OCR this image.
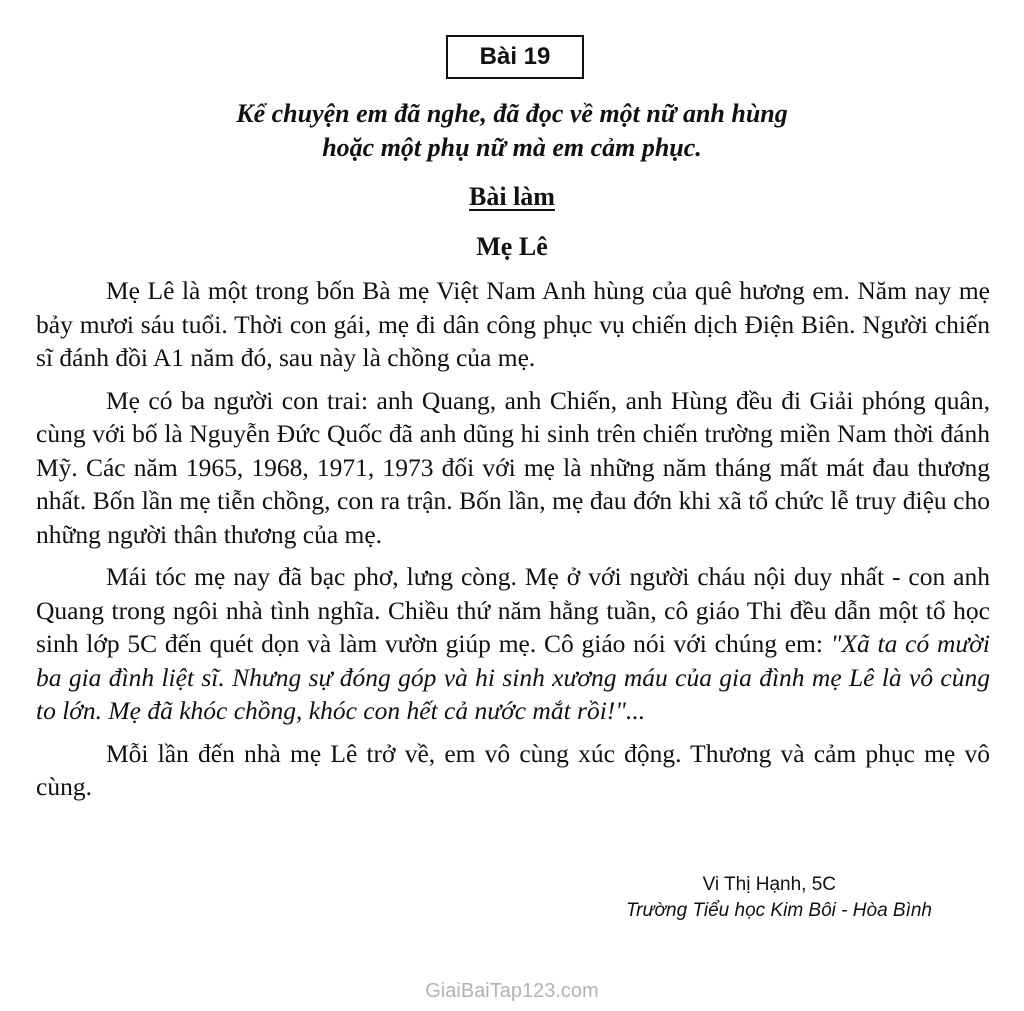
Bài 19
Kể chuyện em đã nghe, đã đọc về một nữ anh hùng
hoặc một phụ nữ mà em cảm phục.
Bài làm
Mẹ Lê

Mẹ Lê là một trong bốn Bà mẹ Việt Nam Anh hùng của quê hương em. Năm nay mẹ bảy mươi sáu tuổi. Thời con gái, mẹ đi dân công phục vụ chiến dịch Điện Biên. Người chiến sĩ đánh đồi A1 năm đó, sau này là chồng của mẹ.

Mẹ có ba người con trai: anh Quang, anh Chiến, anh Hùng đều đi Giải phóng quân, cùng với bố là Nguyễn Đức Quốc đã anh dũng hi sinh trên chiến trường miền Nam thời đánh Mỹ. Các năm 1965, 1968, 1971, 1973 đối với mẹ là những năm tháng mất mát đau thương nhất. Bốn lần mẹ tiễn chồng, con ra trận. Bốn lần, mẹ đau đớn khi xã tổ chức lễ truy điệu cho những người thân thương của mẹ.

Mái tóc mẹ nay đã bạc phơ, lưng còng. Mẹ ở với người cháu nội duy nhất - con anh Quang trong ngôi nhà tình nghĩa. Chiều thứ năm hằng tuần, cô giáo Thi đều dẫn một tổ học sinh lớp 5C đến quét dọn và làm vườn giúp mẹ. Cô giáo nói với chúng em: "Xã ta có mười ba gia đình liệt sĩ. Nhưng sự đóng góp và hi sinh xương máu của gia đình mẹ Lê là vô cùng to lớn. Mẹ đã khóc chồng, khóc con hết cả nước mắt rồi!"...

Mỗi lần đến nhà mẹ Lê trở về, em vô cùng xúc động. Thương và cảm phục mẹ vô cùng.

Vi Thị Hạnh, 5C
Trường Tiểu học Kim Bôi - Hòa Bình
GiaiBaiTap123.com
